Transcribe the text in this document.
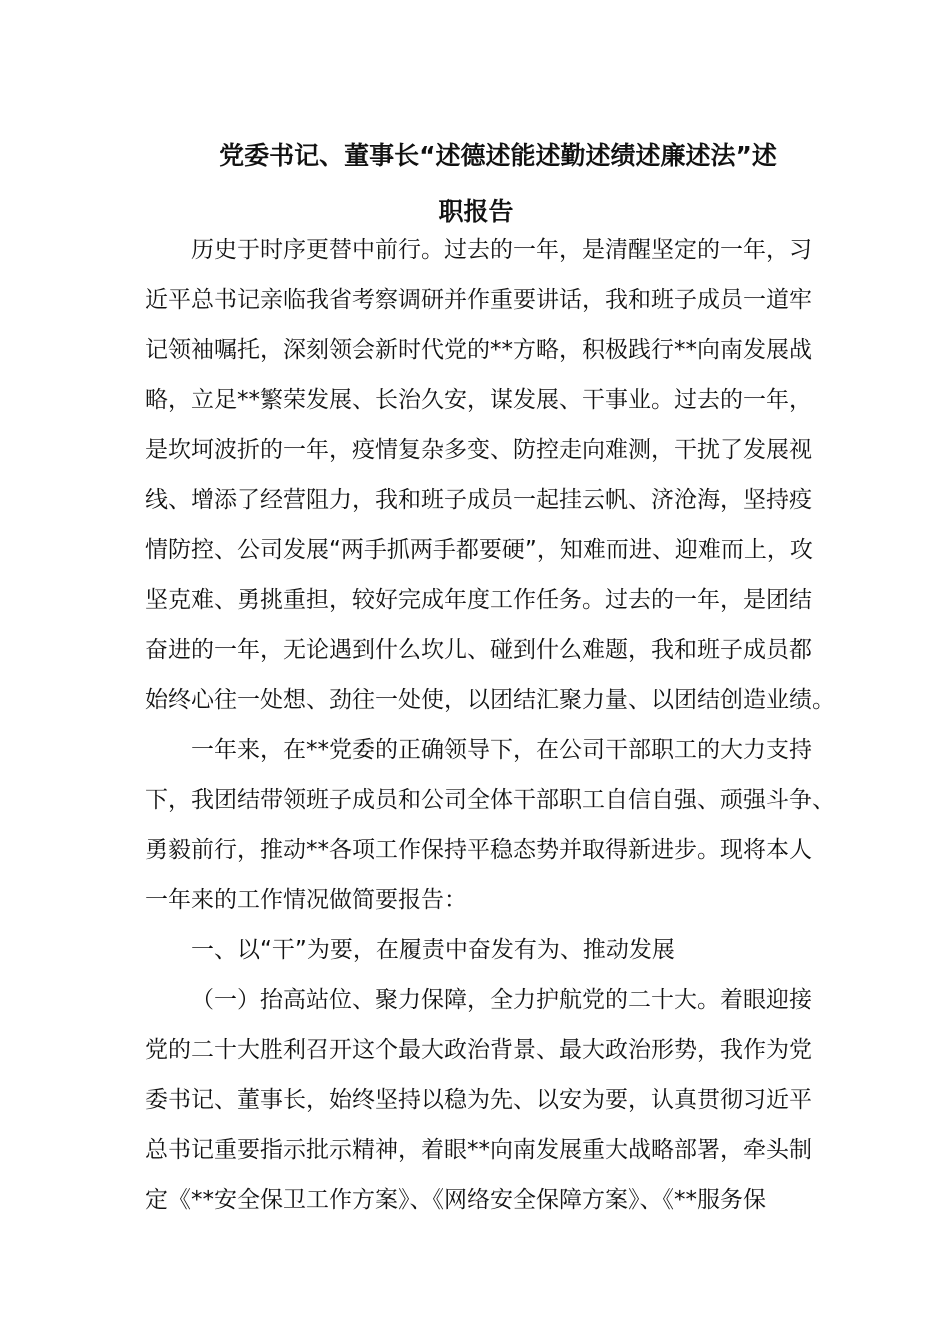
党委书记、董事长“述德述能述勤述绩述廉述法”述
职报告
历史于时序更替中前行。过去的一年，是清醒坚定的一年，习
近平总书记亲临我省考察调研并作重要讲话，我和班子成员一道牢
记领袖嘱托，深刻领会新时代党的**方略，积极践行**向南发展战
略，立足**繁荣发展、长治久安，谋发展、干事业。过去的一年，
是坎坷波折的一年，疫情复杂多变、防控走向难测，干扰了发展视
线、增添了经营阻力，我和班子成员一起挂云帆、济沧海，坚持疫
情防控、公司发展“两手抓两手都要硬”，知难而进、迎难而上，攻
坚克难、勇挑重担，较好完成年度工作任务。过去的一年，是团结
奋进的一年，无论遇到什么坎儿、碰到什么难题，我和班子成员都
始终心往一处想、劲往一处使，以团结汇聚力量、以团结创造业绩。
一年来，在**党委的正确领导下，在公司干部职工的大力支持
下，我团结带领班子成员和公司全体干部职工自信自强、顽强斗争、
勇毅前行，推动**各项工作保持平稳态势并取得新进步。现将本人
一年来的工作情况做简要报告：
一、以“干”为要，在履责中奋发有为、推动发展
（一）抬高站位、聚力保障，全力护航党的二十大。着眼迎接
党的二十大胜利召开这个最大政治背景、最大政治形势，我作为党
委书记、董事长，始终坚持以稳为先、以安为要，认真贯彻习近平
总书记重要指示批示精神，着眼**向南发展重大战略部署，牵头制
定《**安全保卫工作方案》、《网络安全保障方案》、《**服务保
